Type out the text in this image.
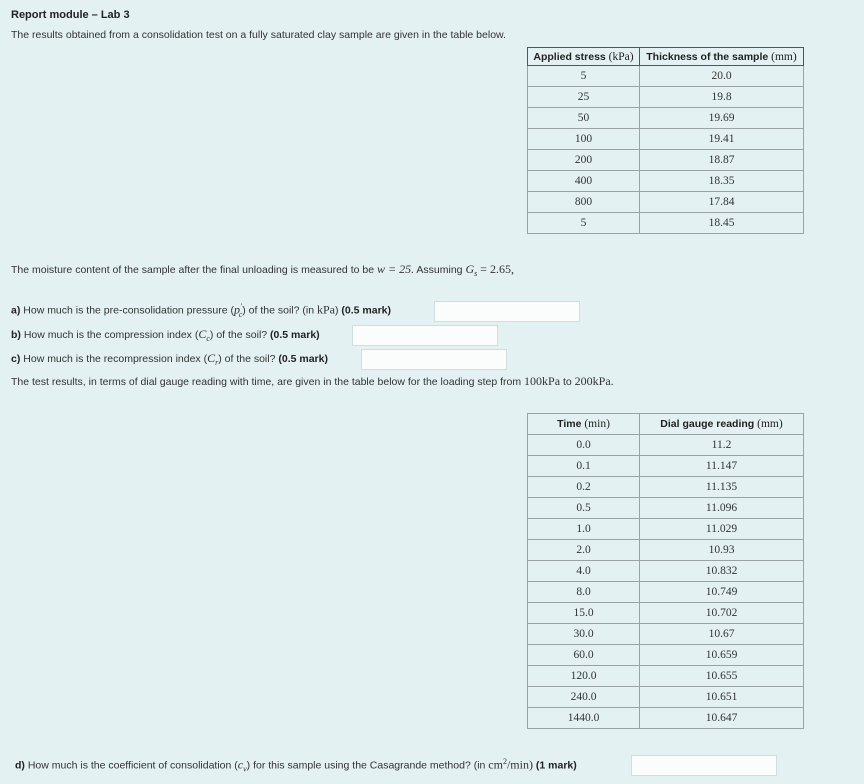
Report module – Lab 3
The results obtained from a consolidation test on a fully saturated clay sample are given in the table below.
Applied stress (kPa)	Thickness of the sample (mm)
5	20.0
25	19.8
50	19.69
100	19.41
200	18.87
400	18.35
800	17.84
5	18.45
The moisture content of the sample after the final unloading is measured to be w = 25. Assuming $G_s = 2.65$,
a) How much is the pre-consolidation pressure $(p'_c)$ of the soil? (in kPa) (0.5 mark)
b) How much is the compression index $(C_c)$ of the soil? (0.5 mark)
c) How much is the recompression index $(C_r)$ of the soil? (0.5 mark)
The test results, in terms of dial gauge reading with time, are given in the table below for the loading step from 100kPa to 200kPa.
Time (min)	Dial gauge reading (mm)
0.0	11.2
0.1	11.147
0.2	11.135
0.5	11.096
1.0	11.029
2.0	10.93
4.0	10.832
8.0	10.749
15.0	10.702
30.0	10.67
60.0	10.659
120.0	10.655
240.0	10.651
1440.0	10.647
d) How much is the coefficient of consolidation $(c_v)$ for this sample using the Casagrande method? (in $cm^2/\min$) (1 mark)
